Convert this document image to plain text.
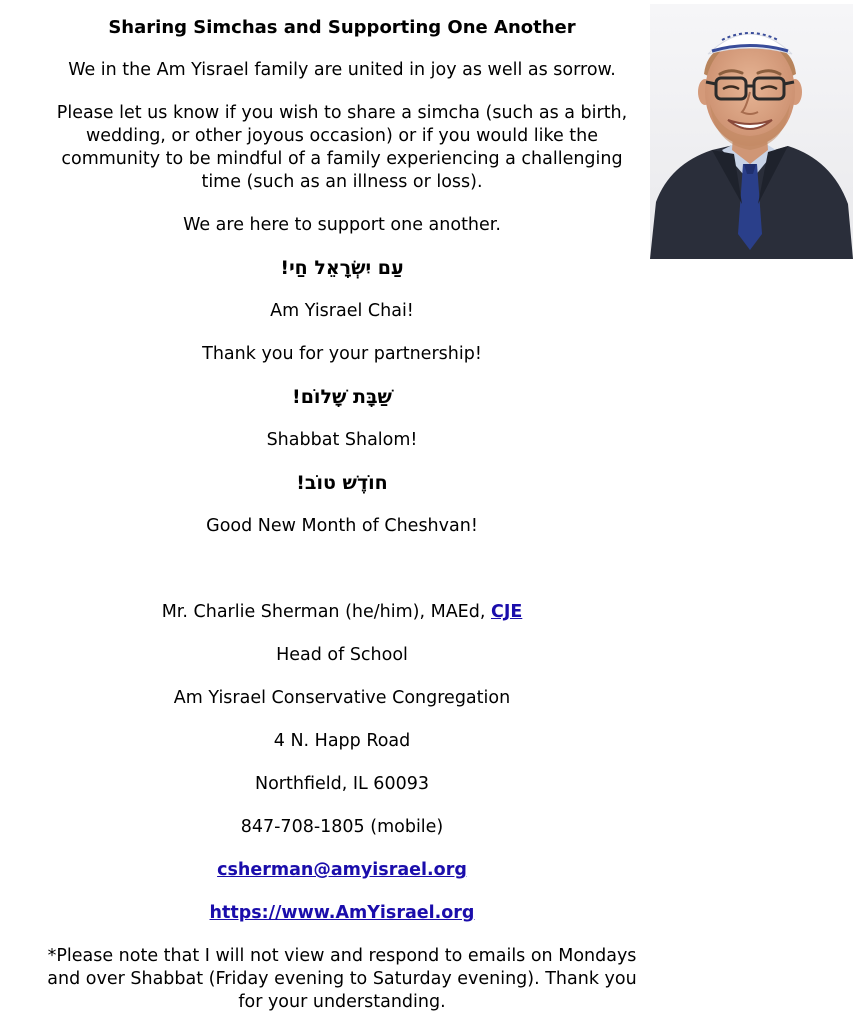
Sharing Simchas and Supporting One Another

We in the Am Yisrael family are united in joy as well as sorrow.

Please let us know if you wish to share a simcha (such as a birth, wedding, or other joyous occasion) or if you would like the community to be mindful of a family experiencing a challenging time (such as an illness or loss).

We are here to support one another.

עַם יִשְׂרָאֵל חַי!

Am Yisrael Chai!

Thank you for your partnership!

שַׁבָּת שָׁלוֹם!

Shabbat Shalom!

חוֹדֶשׁ טוֹב!

Good New Month of Cheshvan!

Mr. Charlie Sherman (he/him), MAEd, CJE

Head of School

Am Yisrael Conservative Congregation

4 N. Happ Road

Northfield, IL 60093

847-708-1805 (mobile)

csherman@amyisrael.org

https://www.AmYisrael.org

*Please note that I will not view and respond to emails on Mondays and over Shabbat (Friday evening to Saturday evening). Thank you for your understanding.
